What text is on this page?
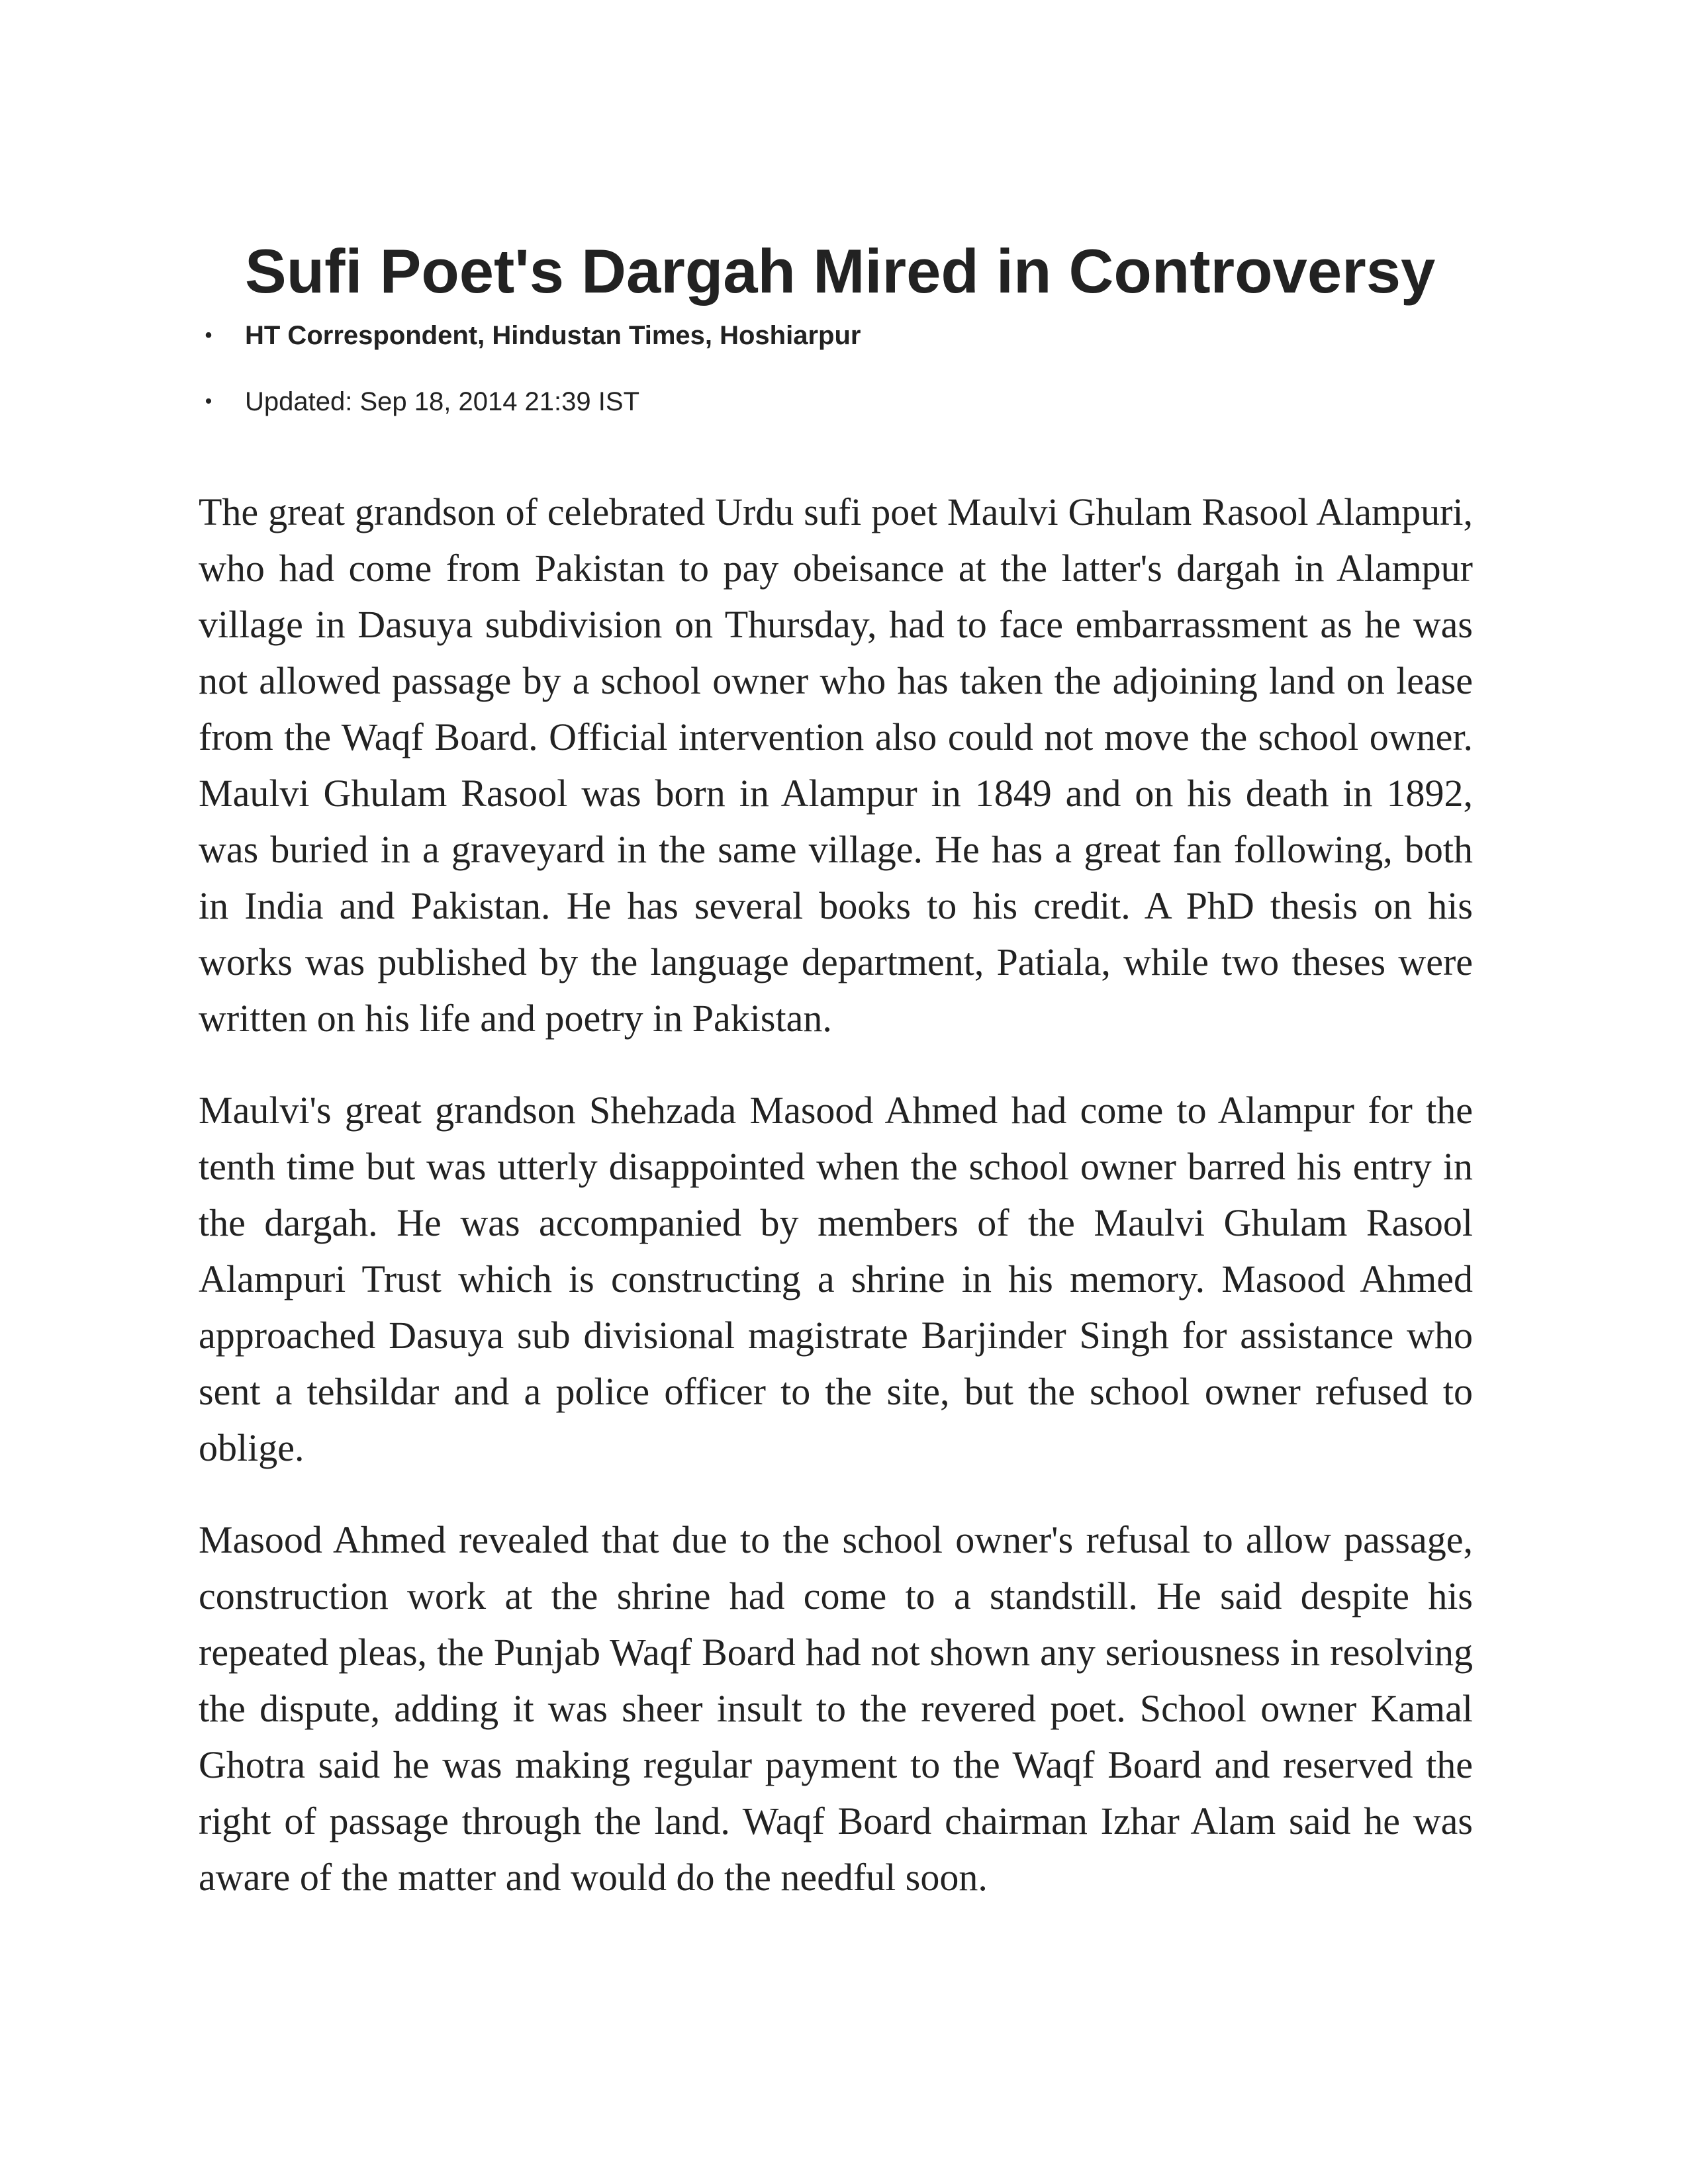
Sufi Poet's Dargah Mired in Controversy
• HT Correspondent, Hindustan Times, Hoshiarpur
• Updated: Sep 18, 2014 21:39 IST

The great grandson of celebrated Urdu sufi poet Maulvi Ghulam Rasool Alampuri, who had come from Pakistan to pay obeisance at the latter's dargah in Alampur village in Dasuya subdivision on Thursday, had to face embarrassment as he was not allowed passage by a school owner who has taken the adjoining land on lease from the Waqf Board. Official intervention also could not move the school owner. Maulvi Ghulam Rasool was born in Alampur in 1849 and on his death in 1892, was buried in a graveyard in the same village. He has a great fan following, both in India and Pakistan. He has several books to his credit. A PhD thesis on his works was published by the language department, Patiala, while two theses were written on his life and poetry in Pakistan.

Maulvi's great grandson Shehzada Masood Ahmed had come to Alampur for the tenth time but was utterly disappointed when the school owner barred his entry in the dargah. He was accompanied by members of the Maulvi Ghulam Rasool Alampuri Trust which is constructing a shrine in his memory. Masood Ahmed approached Dasuya sub divisional magistrate Barjinder Singh for assistance who sent a tehsildar and a police officer to the site, but the school owner refused to oblige.

Masood Ahmed revealed that due to the school owner's refusal to allow passage, construction work at the shrine had come to a standstill. He said despite his repeated pleas, the Punjab Waqf Board had not shown any seriousness in resolving the dispute, adding it was sheer insult to the revered poet. School owner Kamal Ghotra said he was making regular payment to the Waqf Board and reserved the right of passage through the land. Waqf Board chairman Izhar Alam said he was aware of the matter and would do the needful soon.
